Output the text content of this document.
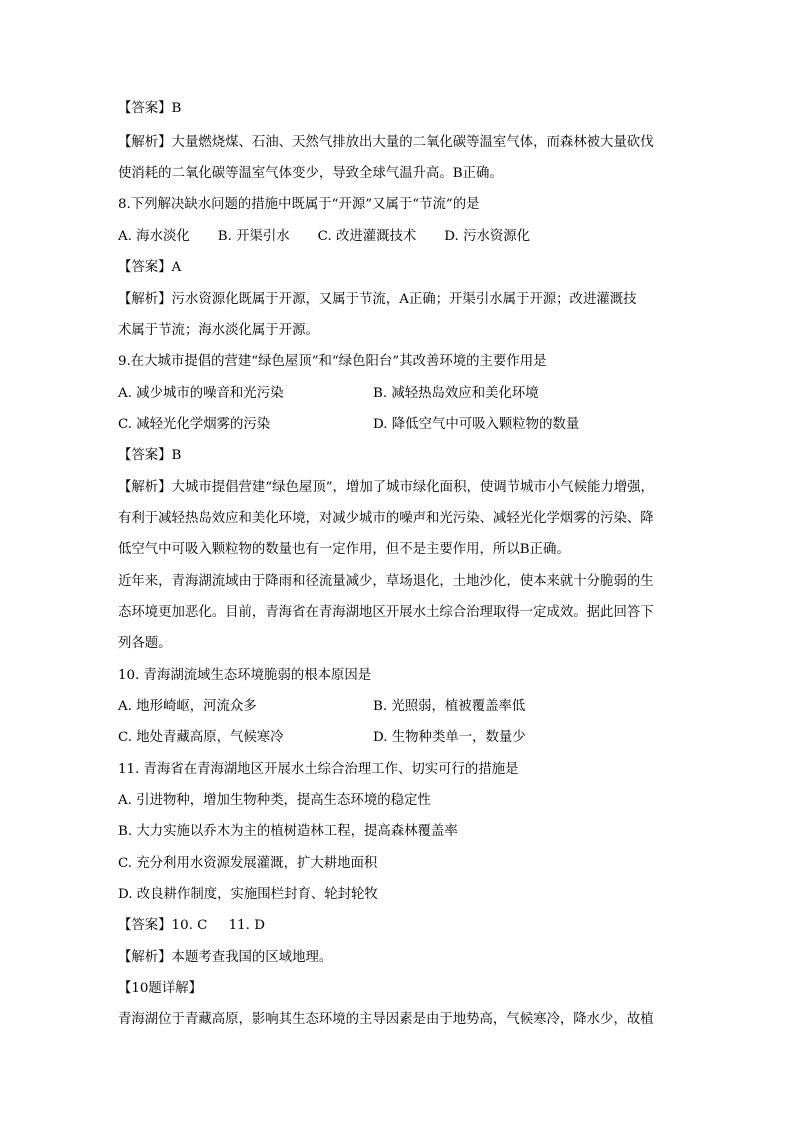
【答案】B
【解析】大量燃烧煤、石油、天然气排放出大量的二氧化碳等温室气体，而森林被大量砍伐
使消耗的二氧化碳等温室气体变少，导致全球气温升高。B正确。
8.下列解决缺水问题的措施中既属于“开源”又属于“节流”的是
A. 海水淡化 B. 开渠引水 C. 改进灌溉技术 D. 污水资源化
【答案】A
【解析】污水资源化既属于开源，又属于节流，A正确；开渠引水属于开源；改进灌溉技
术属于节流；海水淡化属于开源。
9.在大城市提倡的营建“绿色屋顶”和“绿色阳台”其改善环境的主要作用是
A. 减少城市的噪音和光污染	B. 减轻热岛效应和美化环境
C. 减轻光化学烟雾的污染	D. 降低空气中可吸入颗粒物的数量
【答案】B
【解析】大城市提倡营建“绿色屋顶”，增加了城市绿化面积，使调节城市小气候能力增强，
有利于减轻热岛效应和美化环境，对减少城市的噪声和光污染、减轻光化学烟雾的污染、降
低空气中可吸入颗粒物的数量也有一定作用，但不是主要作用，所以B正确。
近年来，青海湖流域由于降雨和径流量减少，草场退化，土地沙化，使本来就十分脆弱的生
态环境更加恶化。目前，青海省在青海湖地区开展水土综合治理取得一定成效。据此回答下
列各题。
10. 青海湖流域生态环境脆弱的根本原因是
A. 地形崎岖，河流众多	B. 光照弱，植被覆盖率低
C. 地处青藏高原，气候寒冷	D. 生物种类单一，数量少
11. 青海省在青海湖地区开展水土综合治理工作、切实可行的措施是
A. 引进物种，增加生物种类，提高生态环境的稳定性
B. 大力实施以乔木为主的植树造林工程，提高森林覆盖率
C. 充分利用水资源发展灌溉，扩大耕地面积
D. 改良耕作制度，实施围栏封育、轮封轮牧
【答案】10. C     11. D
【解析】本题考查我国的区域地理。
【10题详解】
青海湖位于青藏高原，影响其生态环境的主导因素是由于地势高，气候寒冷，降水少，故植
